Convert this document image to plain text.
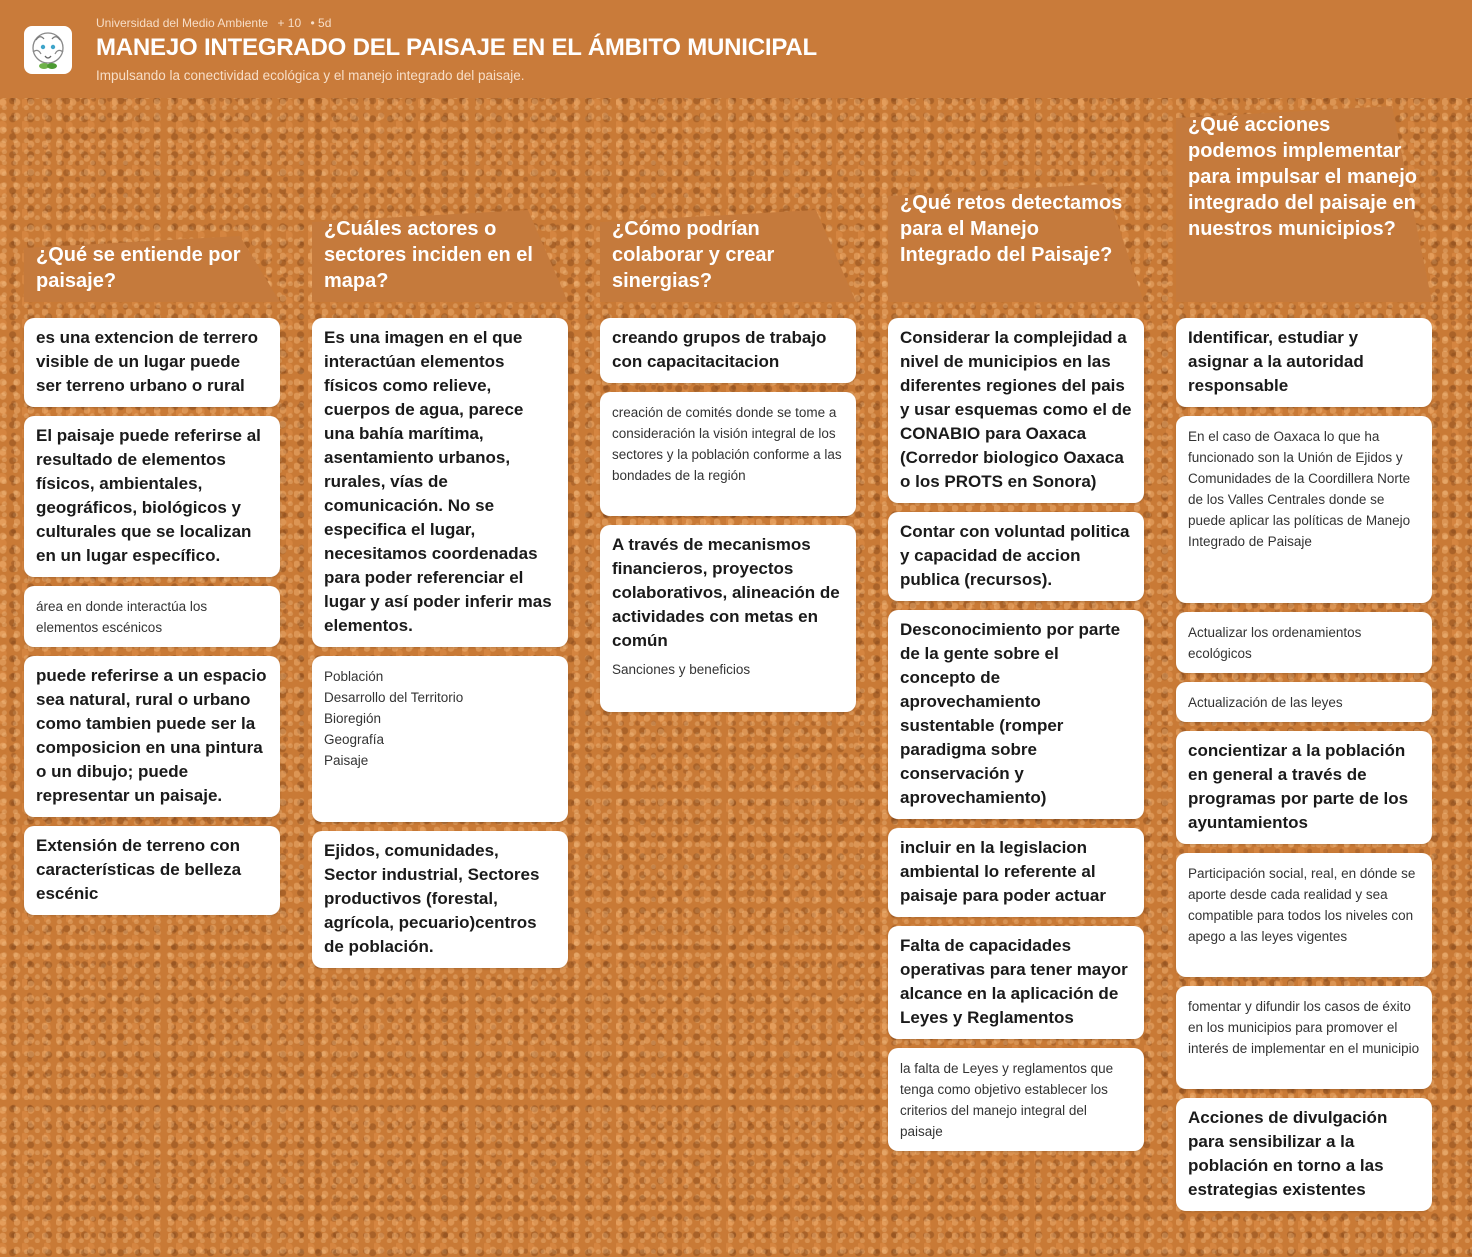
Universidad del Medio Ambiente + 10 • 5d
MANEJO INTEGRADO DEL PAISAJE EN EL ÁMBITO MUNICIPAL
Impulsando la conectividad ecológica y el manejo integrado del paisaje.
¿Qué se entiende por paisaje?
es una extencion de terrero visible de un lugar puede ser terreno urbano o rural
El paisaje puede referirse al resultado de elementos físicos, ambientales, geográficos, biológicos y culturales que se localizan en un lugar específico.
área en donde interactúa los elementos escénicos
puede referirse a un espacio sea natural, rural o urbano como tambien puede ser la composicion en una pintura o un dibujo; puede representar un paisaje.
Extensión de terreno con características de belleza escénic
¿Cuáles actores o sectores inciden en el mapa?
Es una imagen en el que interactúan elementos físicos como relieve, cuerpos de agua, parece una bahía marítima, asentamiento urbanos, rurales, vías de comunicación. No se especifica el lugar, necesitamos coordenadas para poder referenciar el lugar y así poder inferir mas elementos.
Población
Desarrollo del Territorio
Bioregión
Geografía
Paisaje
Ejidos, comunidades, Sector industrial, Sectores productivos (forestal, agrícola, pecuario)centros de población.
¿Cómo podrían colaborar y crear sinergias?
creando grupos de trabajo con capacitacitacion
creación de comités donde se tome a consideración la visión integral de los sectores y la población conforme a las bondades de la región
A través de mecanismos financieros, proyectos colaborativos, alineación de actividades con metas en común
Sanciones y beneficios
¿Qué retos detectamos para el Manejo Integrado del Paisaje?
Considerar la complejidad a nivel de municipios en las diferentes regiones del pais y usar esquemas como el de CONABIO para Oaxaca (Corredor biologico Oaxaca o los PROTS en Sonora)
Contar con voluntad politica y capacidad de accion publica (recursos).
Desconocimiento por parte de la gente sobre el concepto de aprovechamiento sustentable (romper paradigma sobre conservación y aprovechamiento)
incluir en la legislacion ambiental lo referente al paisaje para poder actuar
Falta de capacidades operativas para tener mayor alcance en la aplicación de Leyes y Reglamentos
la falta de Leyes y reglamentos que tenga como objetivo establecer los criterios del manejo integral del paisaje
¿Qué acciones podemos implementar para impulsar el manejo integrado del paisaje en nuestros municipios?
Identificar, estudiar y asignar a la autoridad responsable
En el caso de Oaxaca lo que ha funcionado son la Unión de Ejidos y Comunidades de la Coordillera Norte de los Valles Centrales donde se puede aplicar las políticas de Manejo Integrado de Paisaje
Actualizar los ordenamientos ecológicos
Actualización de las leyes
concientizar a la población en general a través de programas por parte de los ayuntamientos
Participación social, real, en dónde se aporte desde cada realidad y sea compatible para todos los niveles con apego a las leyes vigentes
fomentar y difundir los casos de éxito en los municipios para promover el interés de implementar en el municipio
Acciones de divulgación para sensibilizar a la población en torno a las estrategias existentes
